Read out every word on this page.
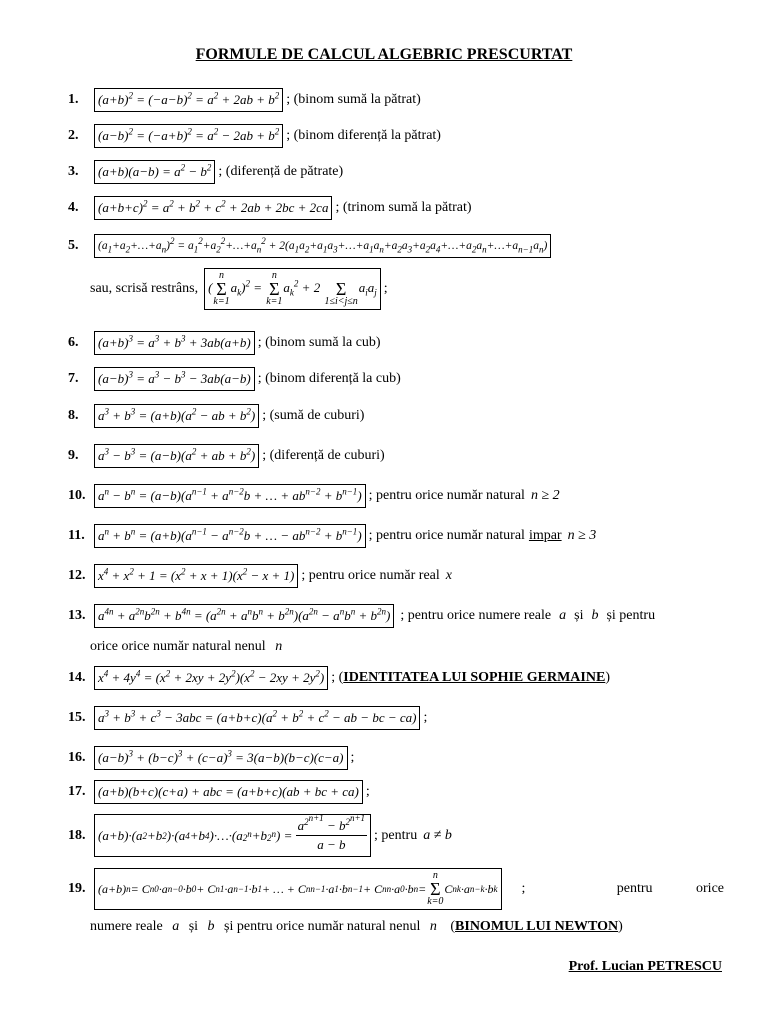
FORMULE DE CALCUL ALGEBRIC PRESCURTAT
1.	$(a+b)^2 = (-a-b)^2 = a^2 + 2ab + b^2$ ; (binom sumă la pătrat)
2.	$(a-b)^2 = (-a+b)^2 = a^2 - 2ab + b^2$ ; (binom diferență la pătrat)
3.	$(a+b)(a-b) = a^2 - b^2$ ; (diferență de pătrate)
4.	$(a+b+c)^2 = a^2 + b^2 + c^2 + 2ab + 2bc + 2ca$ ; (trinom sumă la pătrat)
5.	$(a_1+a_2+\dots+a_n)^2$ = $a_1^2+a_2^2+\dots+a_n^2$ + $2(a_1a_2+a_1a_3+\dots+a_1a_n+a_2a_3+a_2a_4+\dots+a_2a_n+\dots+a_{n-1}a_n)$
sau, scrisă restrâns, (
n
Σ
k=1
$a_k)^2$ =
n
Σ
k=1
$a_k^2 + 2$
Σ
1≤i<j≤n
$a_ia_j$ ;
6.	$(a+b)^3 = a^3 + b^3 + 3ab(a+b)$ ; (binom sumă la cub)
7.	$(a-b)^3 = a^3 - b^3 - 3ab(a-b)$ ; (binom diferență la cub)
8.	$a^3 + b^3 = (a+b)(a^2$ − ab + $b^2$) ; (sumă de cuburi)
9.	$a^3 - b^3 = (a-b)(a^2$ + ab + $b^2$) ; (diferență de cuburi)
10. $a^n - b^n = (a-b)(a^{n-1} + a^{n-2}b$ + … + $ab^{n-2} + b^{n-1}$) ; pentru orice număr natural n ≥ 2
11.	$a^n + b^n = (a+b)(a^{n-1} - a^{n-2}b$ + … − $ab^{n-2} + b^{n-1}$) ; pentru orice număr natural impar n ≥ 3
12. $x^4 + x^2 + 1 = (x^2 + x + 1)(x^2 - x + 1)$ ; pentru orice număr real x
13. $a^{4n} + a^{2n}b^{2n} + b^{4n} = (a^{2n} + a^nb^n + b^{2n})(a^{2n} - a^nb^n + b^{2n})$ ; pentru orice numere reale a și b și pentru
orice orice număr natural nenul n
14. $x^4 + 4y^4 = (x^2 + 2xy + 2y^2)(x^2 - 2xy + 2y^2)$ ; ( IDENTITATEA LUI SOPHIE GERMAINE )
15. $a^3 + b^3 + c^3 - 3abc = (a+b+c)(a^2 + b^2 + c^2$ − ab − bc − ca) ;
16. $(a-b)^3 + (b-c)^3 + (c-a)^3 = 3(a-b)(b-c)(c-a)$ ;
17. (a+b)(b+c)(c+a) + abc = (a+b+c)(ab + bc + ca) ;
18. (a+b)·(a 2 +b 2 )·(a 4 +b 4 )·…·(a $2^n +b$ 2$^n$ ) = $\frac{a^{2^{n+1}} - b^{2^{n+1}}}{a - b}$ ; pentru a ≠ b
19.	(a+b) n = C n 0 ·a n−0 ·b 0 + C n 1 ·a n−1 ·b 1 + … + C n n−1 ·a 1 ·b n−1 + C n n ·a 0 ·b n =
n
Σ
k=0
C n k ·a n−k ·b k ;	pentru orice
numere reale a și b și pentru orice număr natural nenul n (BINOMUL LUI NEWTON)
Prof. Lucian PETRESCU
